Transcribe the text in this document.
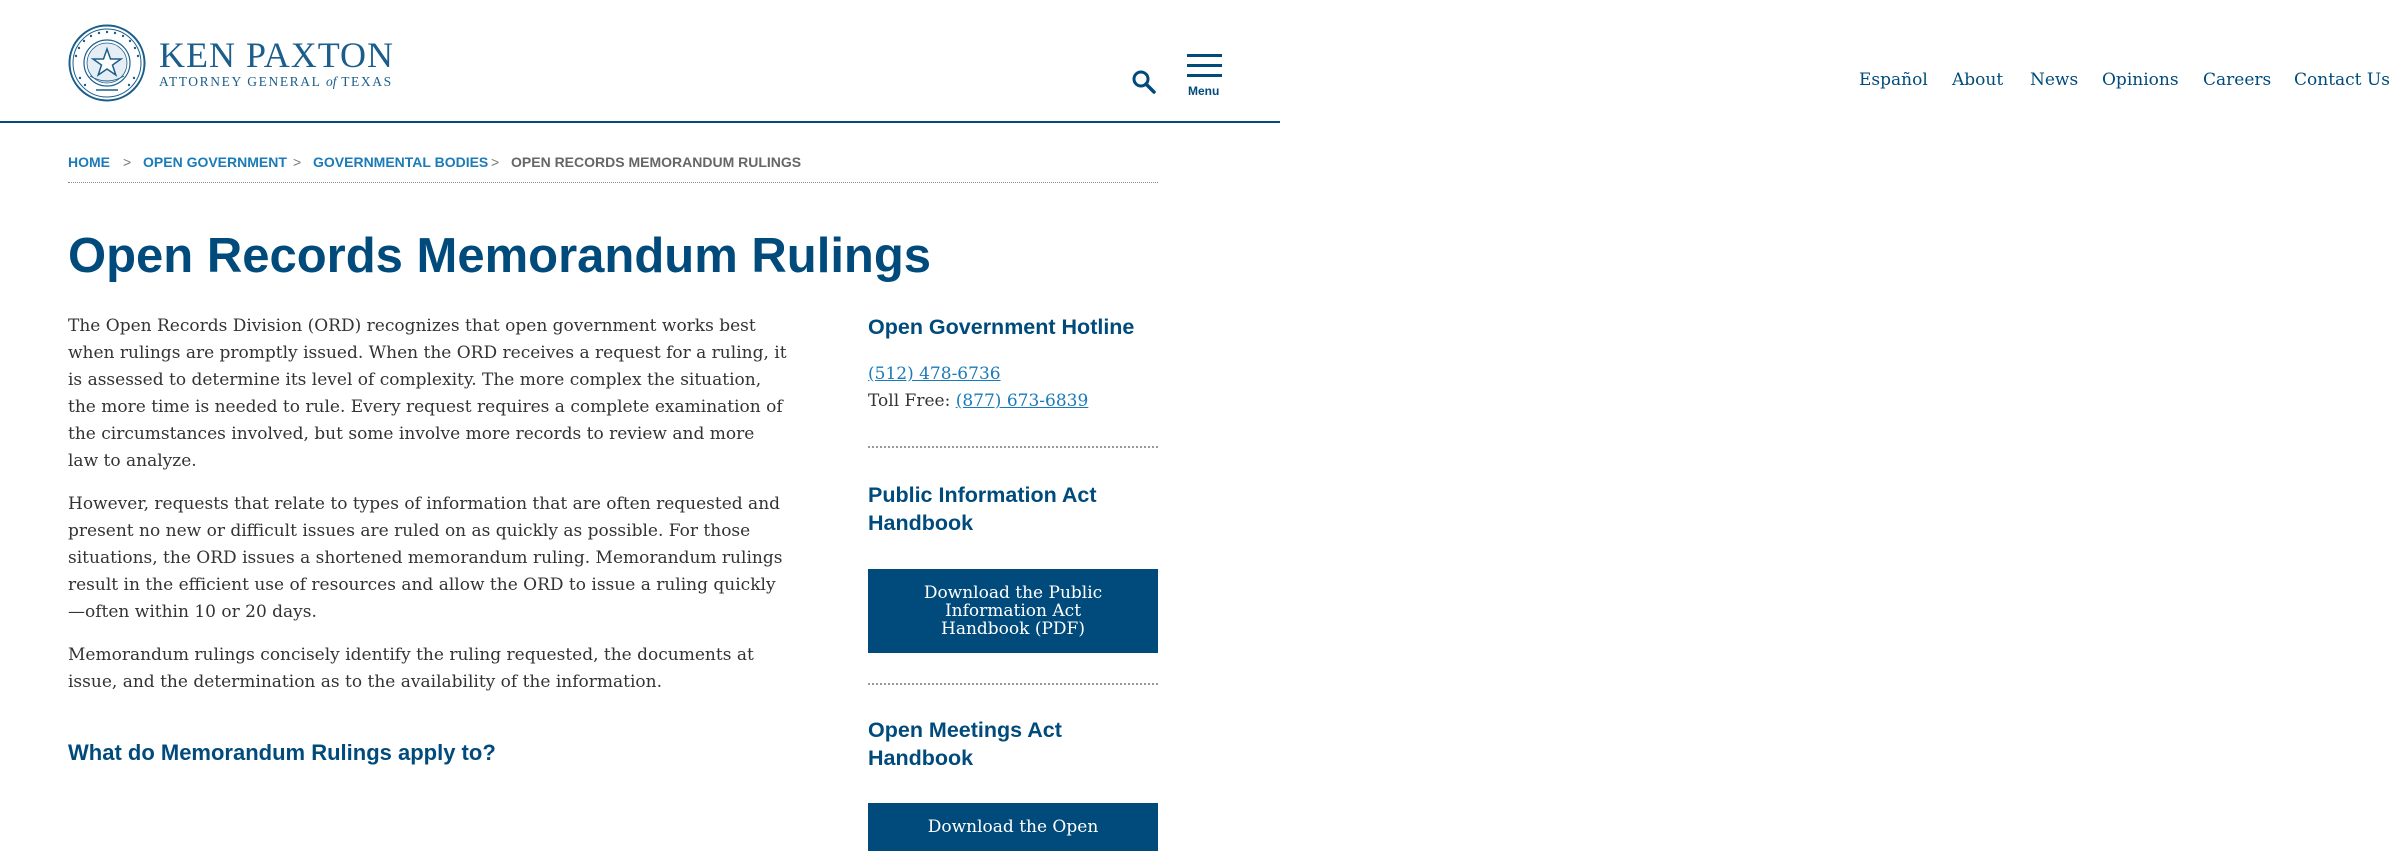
KEN PAXTON
ATTORNEY GENERAL of TEXAS	Español About News Opinions Careers Contact Us
Menu
HOME > OPEN GOVERNMENT > GOVERNMENTAL BODIES > OPEN RECORDS MEMORANDUM RULINGS
Open Records Memorandum Rulings

The Open Records Division (ORD) recognizes that open government works best when rulings are promptly issued. When the ORD receives a request for a ruling, it is assessed to determine its level of complexity. The more complex the situation, the more time is needed to rule. Every request requires a complete examination of the circumstances involved, but some involve more records to review and more law to analyze.

However, requests that relate to types of information that are often requested and present no new or difficult issues are ruled on as quickly as possible. For those situations, the ORD issues a shortened memorandum ruling. Memorandum rulings result in the efficient use of resources and allow the ORD to issue a ruling quickly—often within 10 or 20 days.

Memorandum rulings concisely identify the ruling requested, the documents at issue, and the determination as to the availability of the information.

What do Memorandum Rulings apply to?
Open Government Hotline
(512) 478-6736
Toll Free: (877) 673-6839
Public Information Act Handbook
Download the Public Information Act Handbook (PDF)
Open Meetings Act Handbook
Download the Open
